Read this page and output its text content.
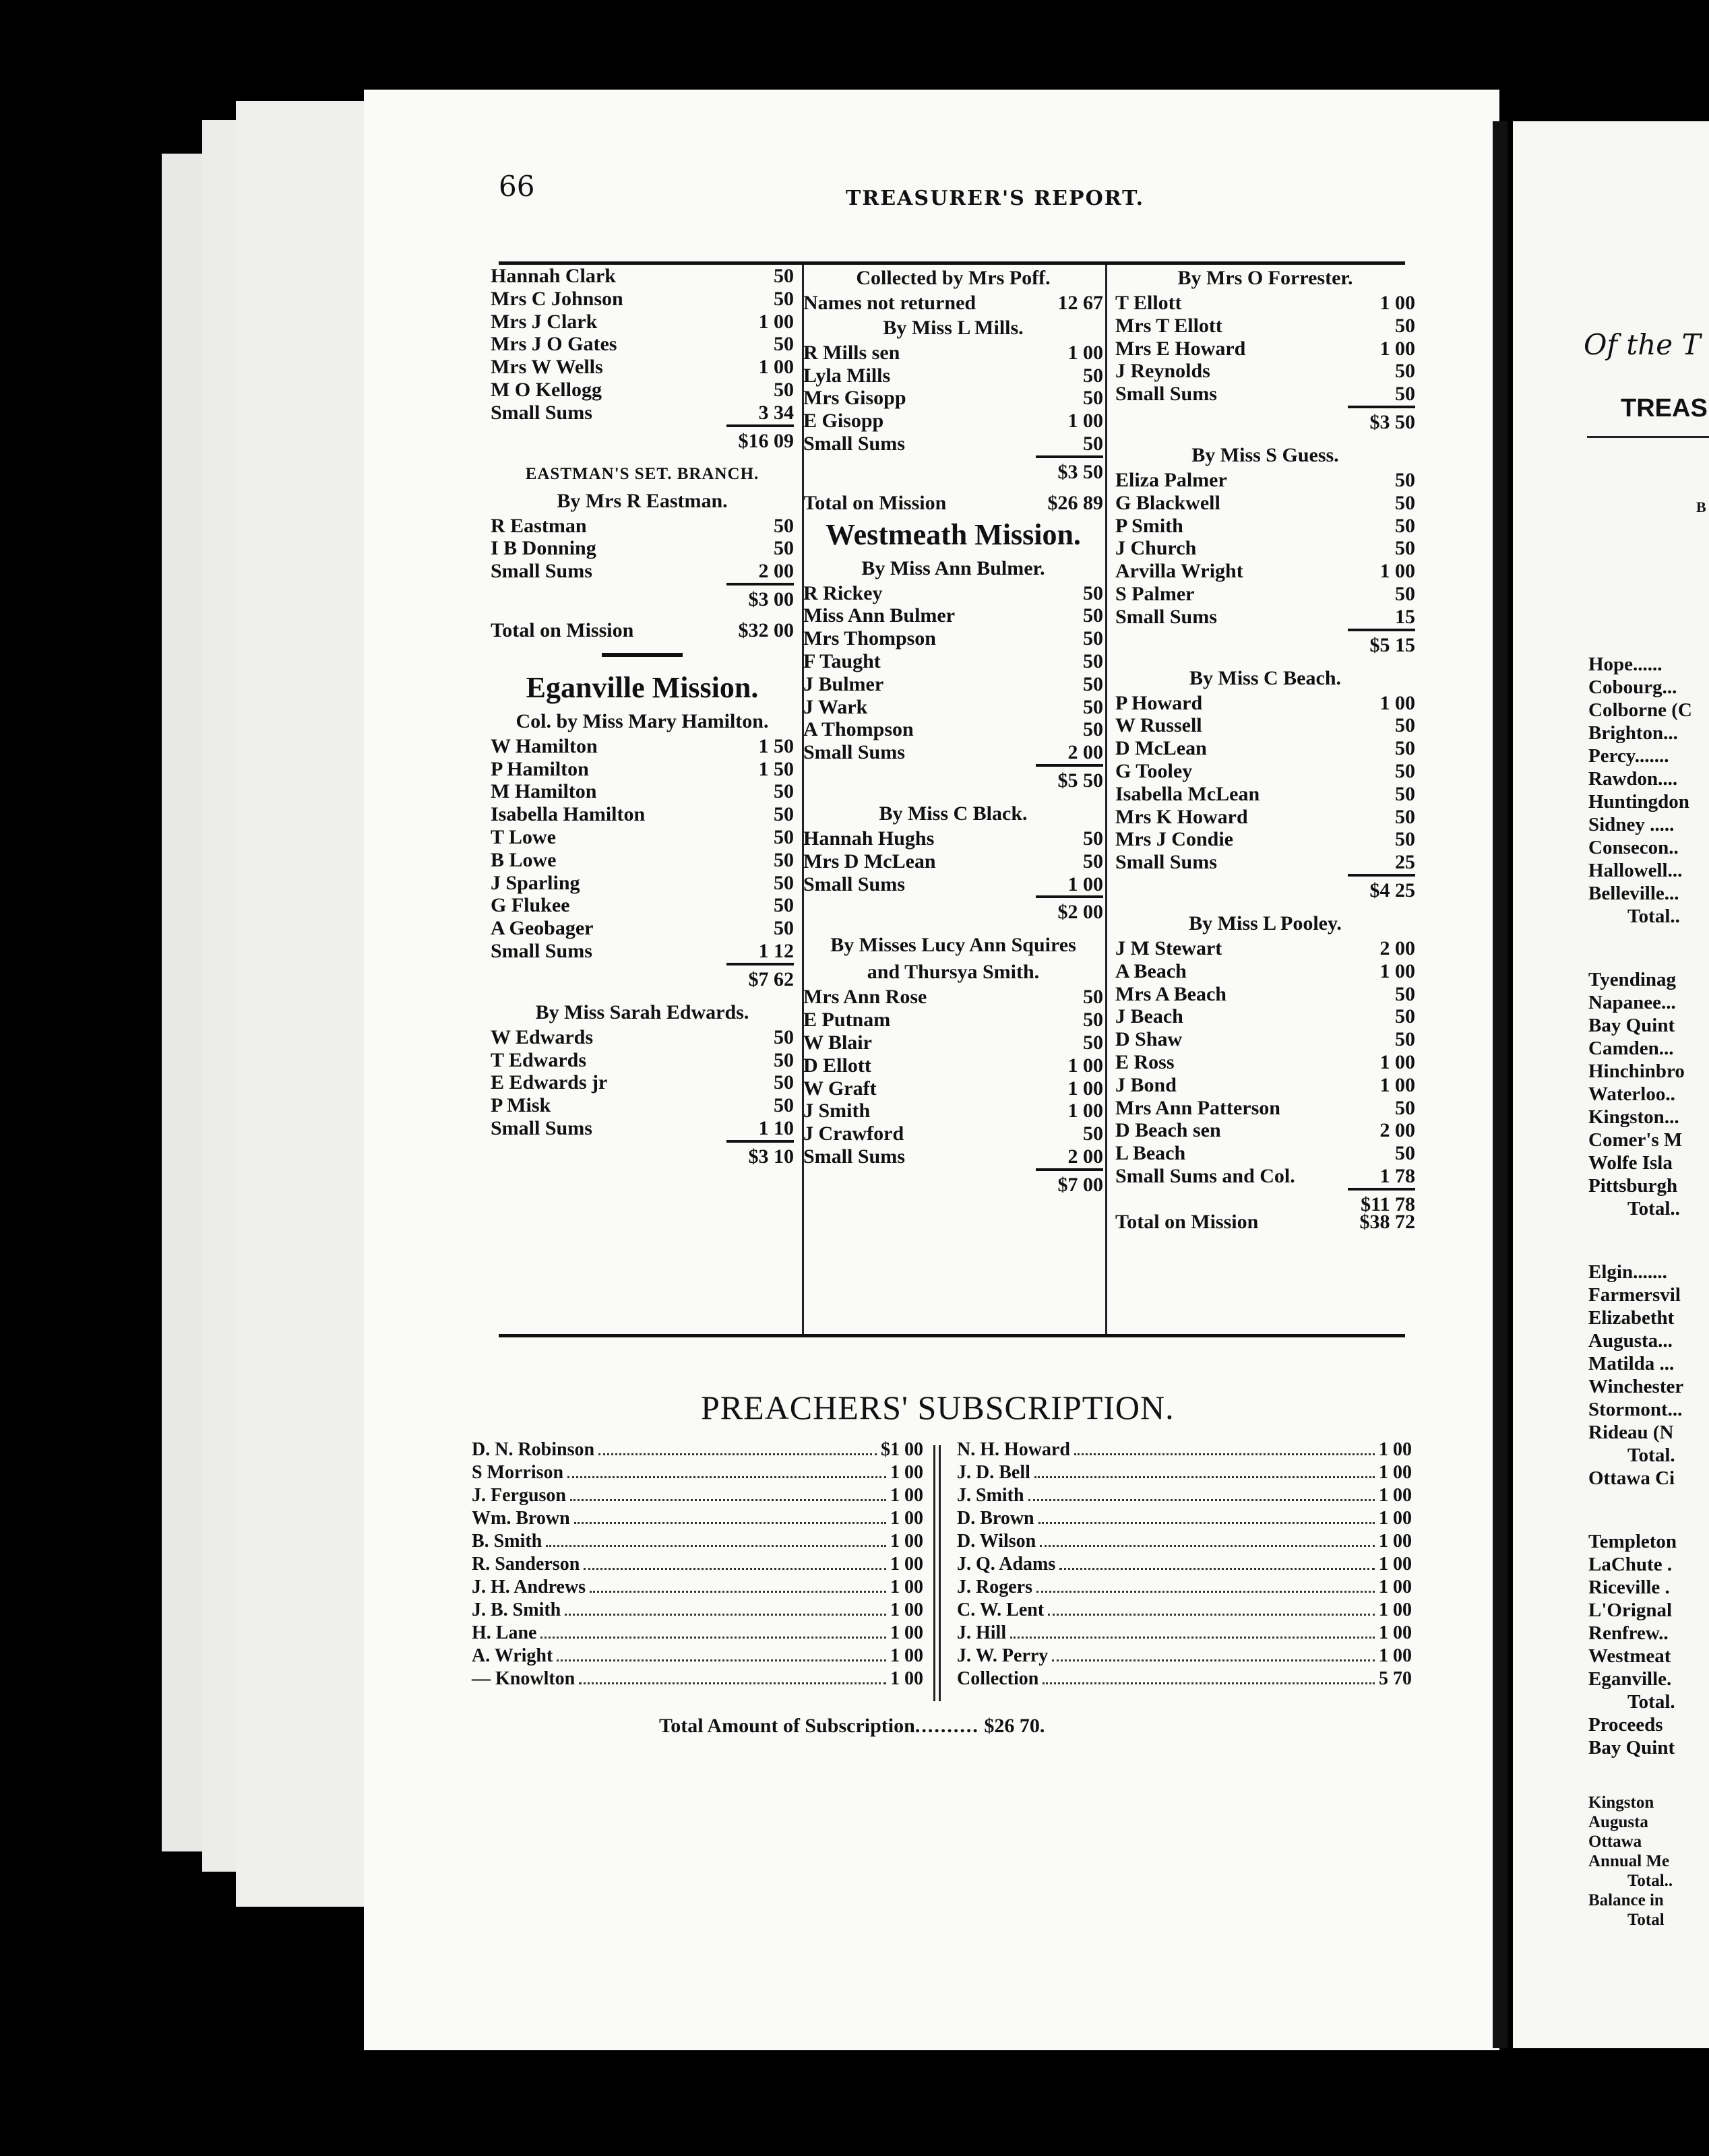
66	TREASURER'S REPORT.
Hannah Clark	50
Mrs C Johnson	50
Mrs J Clark	1 00
Mrs J O Gates	50
Mrs W Wells	1 00
M O Kellogg	50
Small Sums	3 34
$16 09
EASTMAN'S SET. BRANCH.
By Mrs R Eastman.
R Eastman	50
I B Donning	50
Small Sums	2 00
$3 00
Total on Mission	$32 00
Eganville Mission.
Col. by Miss Mary Hamilton.
W Hamilton	1 50
P Hamilton	1 50
M Hamilton	50
Isabella Hamilton	50
T Lowe	50
B Lowe	50
J Sparling	50
G Flukee	50
A Geobager	50
Small Sums	1 12
$7 62
By Miss Sarah Edwards.
W Edwards	50
T Edwards	50
E Edwards jr	50
P Misk	50
Small Sums	1 10
$3 10
Collected by Mrs Poff.
Names not returned	12 67
By Miss L Mills.
R Mills sen	1 00
Lyla Mills	50
Mrs Gisopp	50
E Gisopp	1 00
Small Sums	50
$3 50
Total on Mission	$26 89
Westmeath Mission.
By Miss Ann Bulmer.
R Rickey	50
Miss Ann Bulmer	50
Mrs Thompson	50
F Taught	50
J Bulmer	50
J Wark	50
A Thompson	50
Small Sums	2 00
$5 50
By Miss C Black.
Hannah Hughs	50
Mrs D McLean	50
Small Sums	1 00
$2 00
By Misses Lucy Ann Squires
and Thursya Smith.
Mrs Ann Rose	50
E Putnam	50
W Blair	50
D Ellott	1 00
W Graft	1 00
J Smith	1 00
J Crawford	50
Small Sums	2 00
$7 00
By Mrs O Forrester.
T Ellott	1 00
Mrs T Ellott	50
Mrs E Howard	1 00
J Reynolds	50
Small Sums	50
$3 50
By Miss S Guess.
Eliza Palmer	50
G Blackwell	50
P Smith	50
J Church	50
Arvilla Wright	1 00
S Palmer	50
Small Sums	15
$5 15
By Miss C Beach.
P Howard	1 00
W Russell	50
D McLean	50
G Tooley	50
Isabella McLean	50
Mrs K Howard	50
Mrs J Condie	50
Small Sums	25
$4 25
By Miss L Pooley.
J M Stewart	2 00
A Beach	1 00
Mrs A Beach	50
J Beach	50
D Shaw	50
E Ross	1 00
J Bond	1 00
Mrs Ann Patterson	50
D Beach sen	2 00
L Beach	50
Small Sums and Col.	1 78
$11 78
Total on Mission	$38 72
PREACHERS' SUBSCRIPTION.
D. N. Robinson	$1 00
S Morrison	1 00
J. Ferguson	1 00
Wm. Brown	1 00
B. Smith	1 00
R. Sanderson	1 00
J. H. Andrews	1 00
J. B. Smith	1 00
H. Lane	1 00
A. Wright	1 00
— Knowlton	1 00
N. H. Howard	1 00
J. D. Bell	1 00
J. Smith	1 00
D. Brown	1 00
D. Wilson	1 00
J. Q. Adams	1 00
J. Rogers	1 00
C. W. Lent	1 00
J. Hill	1 00
J. W. Perry	1 00
Collection	5 70
Total Amount of Subscription.......... $26 70.
Of the T
TREAS
B
Hope......
Cobourg...
Colborne (C
Brighton...
Percy.......
Rawdon....
Huntingdon
Sidney .....
Consecon..
Hallowell...
Belleville...
Total..
Tyendinag
Napanee...
Bay Quint
Camden...
Hinchinbro
Waterloo..
Kingston...
Comer's M
Wolfe Isla
Pittsburgh
Total..
Elgin.......
Farmersvil
Elizabetht
Augusta...
Matilda ...
Winchester
Stormont...
Rideau (N
Total.
Ottawa Ci
Templeton
LaChute .
Riceville .
L'Orignal
Renfrew..
Westmeat
Eganville.
Total.
Proceeds
Bay Quint
Kingston
Augusta
Ottawa
Annual Me
Total..
Balance in
Total
